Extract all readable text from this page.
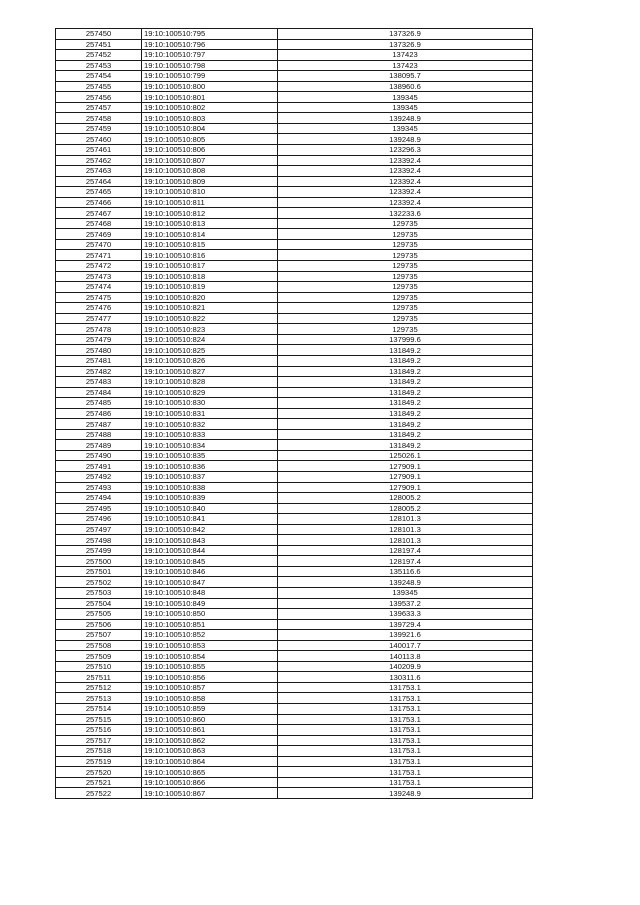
257450	19:10:100510:795	137326.9
257451	19:10:100510:796	137326.9
257452	19:10:100510:797	137423
257453	19:10:100510:798	137423
257454	19:10:100510:799	138095.7
257455	19:10:100510:800	138960.6
257456	19:10:100510:801	139345
257457	19:10:100510:802	139345
257458	19:10:100510:803	139248.9
257459	19:10:100510:804	139345
257460	19:10:100510:805	139248.9
257461	19:10:100510:806	123296.3
257462	19:10:100510:807	123392.4
257463	19:10:100510:808	123392.4
257464	19:10:100510:809	123392.4
257465	19:10:100510:810	123392.4
257466	19:10:100510:811	123392.4
257467	19:10:100510:812	132233.6
257468	19:10:100510:813	129735
257469	19:10:100510:814	129735
257470	19:10:100510:815	129735
257471	19:10:100510:816	129735
257472	19:10:100510:817	129735
257473	19:10:100510:818	129735
257474	19:10:100510:819	129735
257475	19:10:100510:820	129735
257476	19:10:100510:821	129735
257477	19:10:100510:822	129735
257478	19:10:100510:823	129735
257479	19:10:100510:824	137999.6
257480	19:10:100510:825	131849.2
257481	19:10:100510:826	131849.2
257482	19:10:100510:827	131849.2
257483	19:10:100510:828	131849.2
257484	19:10:100510:829	131849.2
257485	19:10:100510:830	131849.2
257486	19:10:100510:831	131849.2
257487	19:10:100510:832	131849.2
257488	19:10:100510:833	131849.2
257489	19:10:100510:834	131849.2
257490	19:10:100510:835	125026.1
257491	19:10:100510:836	127909.1
257492	19:10:100510:837	127909.1
257493	19:10:100510:838	127909.1
257494	19:10:100510:839	128005.2
257495	19:10:100510:840	128005.2
257496	19:10:100510:841	128101.3
257497	19:10:100510:842	128101.3
257498	19:10:100510:843	128101.3
257499	19:10:100510:844	128197.4
257500	19:10:100510:845	128197.4
257501	19:10:100510:846	135116.6
257502	19:10:100510:847	139248.9
257503	19:10:100510:848	139345
257504	19:10:100510:849	139537.2
257505	19:10:100510:850	139633.3
257506	19:10:100510:851	139729.4
257507	19:10:100510:852	139921.6
257508	19:10:100510:853	140017.7
257509	19:10:100510:854	140113.8
257510	19:10:100510:855	140209.9
257511	19:10:100510:856	130311.6
257512	19:10:100510:857	131753.1
257513	19:10:100510:858	131753.1
257514	19:10:100510:859	131753.1
257515	19:10:100510:860	131753.1
257516	19:10:100510:861	131753.1
257517	19:10:100510:862	131753.1
257518	19:10:100510:863	131753.1
257519	19:10:100510:864	131753.1
257520	19:10:100510:865	131753.1
257521	19:10:100510:866	131753.1
257522	19:10:100510:867	139248.9
